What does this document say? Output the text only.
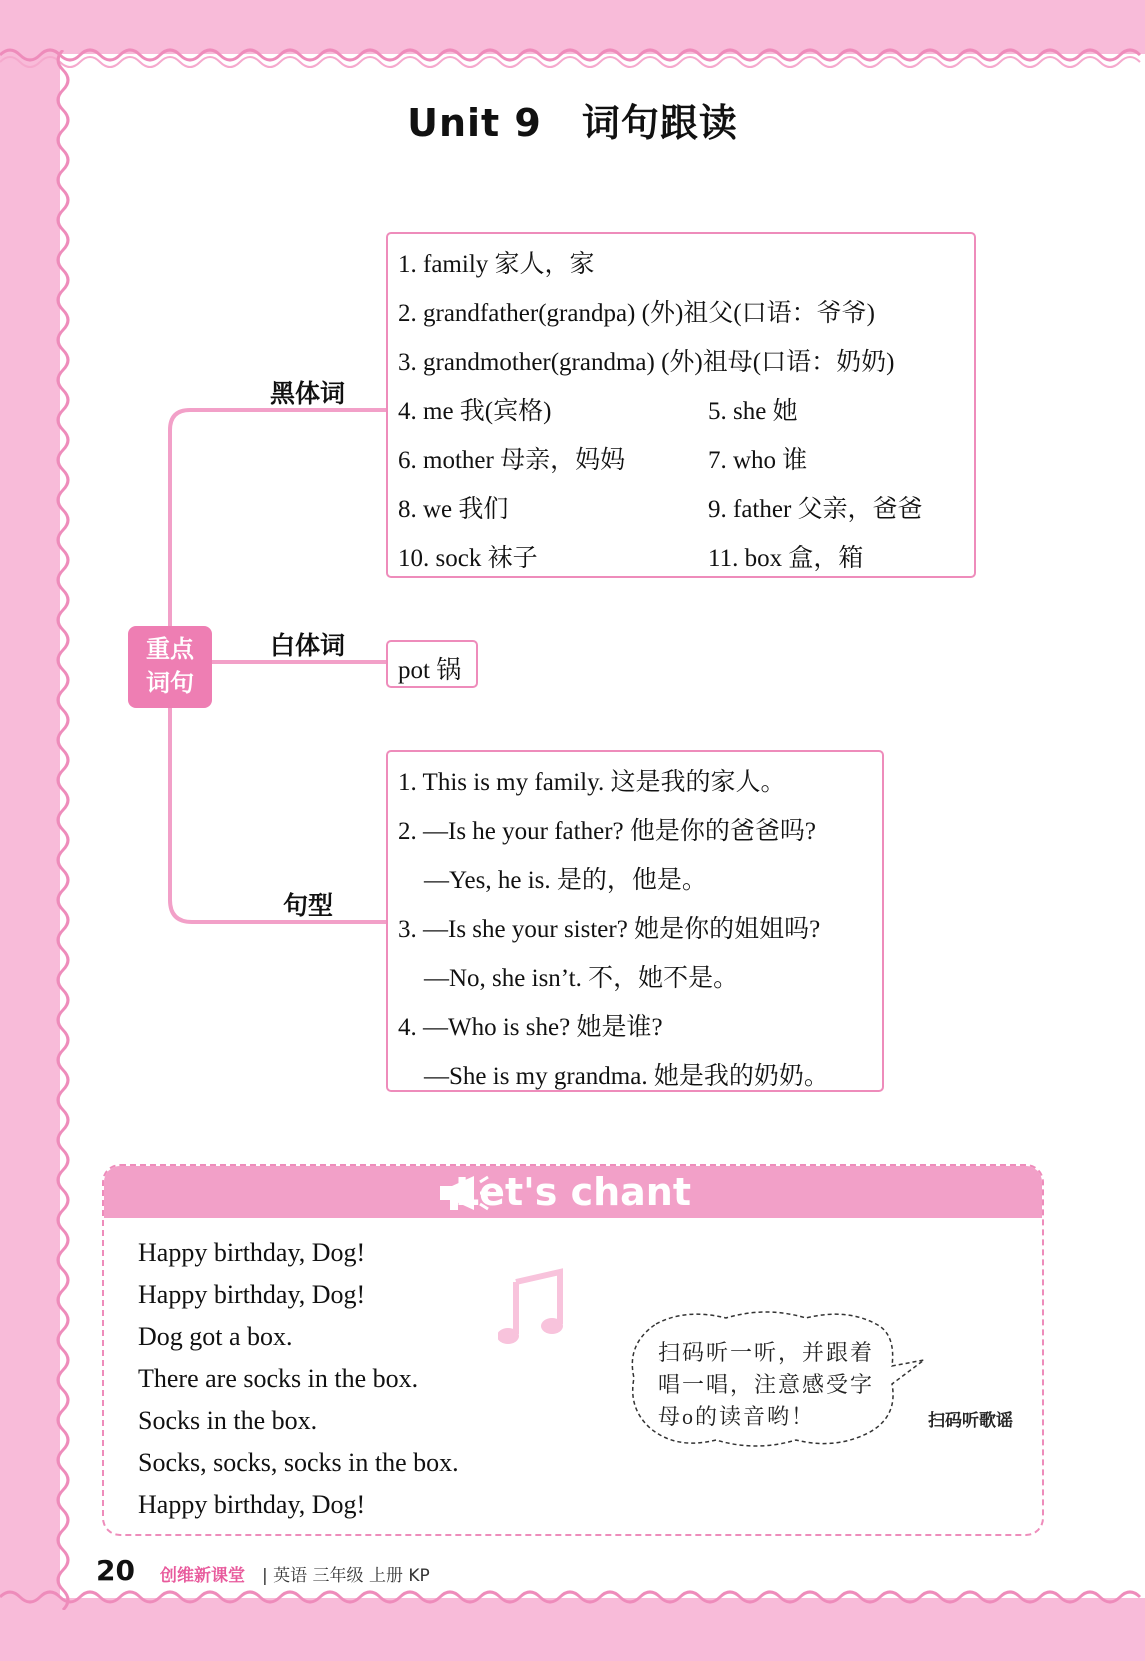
Unit 9 词句跟读
重点
词句
黑体词
白体词
句型
1. family 家人，家
2. grandfather(grandpa) (外)祖父(口语：爷爷)
3. grandmother(grandma) (外)祖母(口语：奶奶)
4. me 我(宾格)	5. she 她
6. mother 母亲，妈妈	7. who 谁
8. we 我们	9. father 父亲，爸爸
10. sock 袜子	11. box 盒，箱
pot 锅
1. This is my family. 这是我的家人。
2. —Is he your father? 他是你的爸爸吗?
—Yes, he is. 是的，他是。
3. —Is she your sister? 她是你的姐姐吗?
—No, she isn’t. 不，她不是。
4. —Who is she? 她是谁?
—She is my grandma. 她是我的奶奶。
Let's chant
Happy birthday, Dog!
Happy birthday, Dog!
Dog got a box.
There are socks in the box.
Socks in the box.
Socks, socks, socks in the box.
Happy birthday, Dog!
扫码听一听，并跟着
唱一唱，注意感受字
母o的读音哟！	扫码听歌谣
20 创维新课堂 | 英语 三年级 上册 KP
